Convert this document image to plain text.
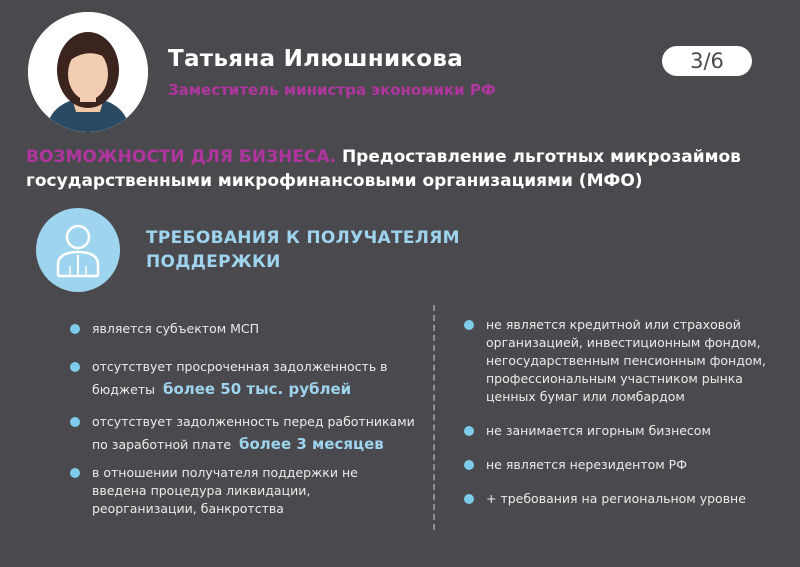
Татьяна Илюшникова
Заместитель министра экономики РФ
3/6
ВОЗМОЖНОСТИ ДЛЯ БИЗНЕСА. Предоставление льготных микрозаймов государственными микрофинансовыми организациями (МФО)
ТРЕБОВАНИЯ К ПОЛУЧАТЕЛЯМ
ПОДДЕРЖКИ
является субъектом МСП
отсутствует просроченная задолженность в бюджеты более 50 тыс. рублей
отсутствует задолженность перед работниками по заработной плате более 3 месяцев
в отношении получателя поддержки не введена процедура ликвидации, реорганизации, банкротства
не является кредитной или страховой организацией, инвестиционным фондом, негосударственным пенсионным фондом, профессиональным участником рынка ценных бумаг или ломбардом
не занимается игорным бизнесом
не является нерезидентом РФ
+ требования на региональном уровне
